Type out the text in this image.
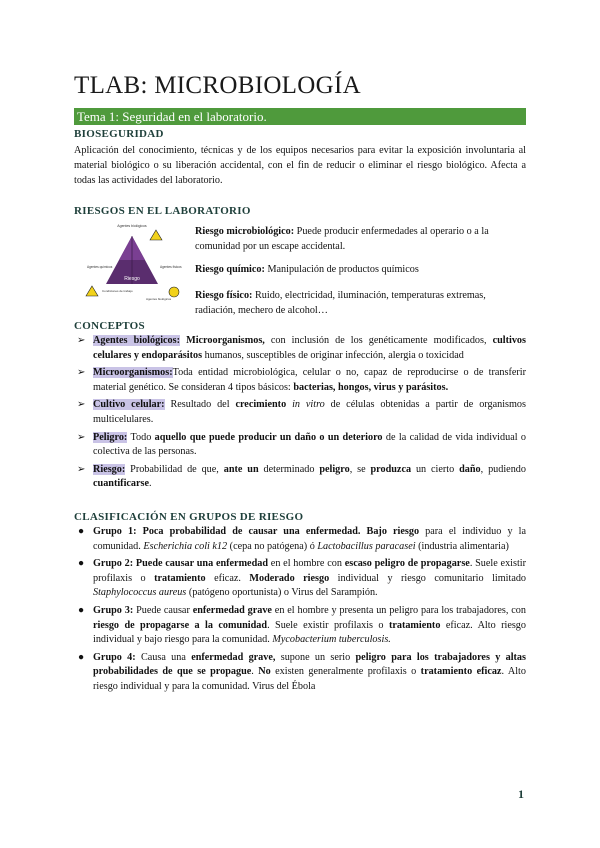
TLAB: MICROBIOLOGÍA
Tema 1: Seguridad en el laboratorio.
BIOSEGURIDAD
Aplicación del conocimiento, técnicas y de los equipos necesarios para evitar la exposición involuntaria al material biológico o su liberación accidental, con el fin de reducir o eliminar el riesgo biológico. Afecta a todas las actividades del laboratorio.
RIESGOS EN EL LABORATORIO
Riesgo
Agentes biológicos
Agentes químicos	Agentes físicos
Condiciones de trabajo
Agentes biológicos
Riesgo microbiológico: Puede producir enfermedades al operario o a la comunidad por un escape accidental.
Riesgo químico: Manipulación de productos químicos
Riesgo físico: Ruido, electricidad, iluminación, temperaturas extremas, radiación, mechero de alcohol…
CONCEPTOS
➢ Agentes biológicos: Microorganismos, con inclusión de los genéticamente modificados, cultivos celulares y endoparásitos humanos, susceptibles de originar infección, alergia o toxicidad
➢ Microorganismos:Toda entidad microbiológica, celular o no, capaz de reproducirse o de transferir material genético. Se consideran 4 tipos básicos: bacterias, hongos, virus y parásitos.
➢ Cultivo celular: Resultado del crecimiento in vitro de células obtenidas a partir de organismos multicelulares.
➢ Peligro: Todo aquello que puede producir un daño o un deterioro de la calidad de vida individual o colectiva de las personas.
➢ Riesgo: Probabilidad de que, ante un determinado peligro, se produzca un cierto daño, pudiendo cuantificarse.
CLASIFICACIÓN EN GRUPOS DE RIESGO
● Grupo 1: Poca probabilidad de causar una enfermedad. Bajo riesgo para el individuo y la comunidad. Escherichia coli k12 (cepa no patógena) ó Lactobacillus paracasei (industria alimentaria)
● Grupo 2: Puede causar una enfermedad en el hombre con escaso peligro de propagarse. Suele existir profilaxis o tratamiento eficaz. Moderado riesgo individual y riesgo comunitario limitado Staphylococcus aureus (patógeno oportunista) o Virus del Sarampión.
● Grupo 3: Puede causar enfermedad grave en el hombre y presenta un peligro para los trabajadores, con riesgo de propagarse a la comunidad. Suele existir profilaxis o tratamiento eficaz. Alto riesgo individual y bajo riesgo para la comunidad. Mycobacterium tuberculosis.
● Grupo 4: Causa una enfermedad grave, supone un serio peligro para los trabajadores y altas probabilidades de que se propague. No existen generalmente profilaxis o tratamiento eficaz. Alto riesgo individual y para la comunidad. Virus del Ébola
1
